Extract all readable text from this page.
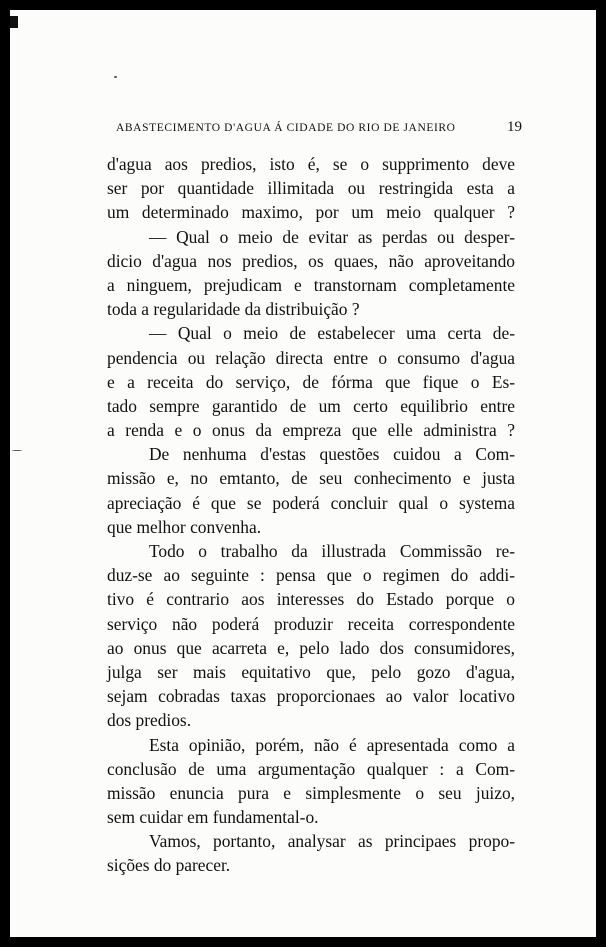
ABASTECIMENTO D'AGUA Á CIDADE DO RIO DE JANEIRO	19
d'agua aos predios, isto é, se o supprimento deve
ser por quantidade illimitada ou restringida esta a
um determinado maximo, por um meio qualquer ?
— Qual o meio de evitar as perdas ou desper-
dicio d'agua nos predios, os quaes, não aproveitando
a ninguem, prejudicam e transtornam completamente
toda a regularidade da distribuição ?
— Qual o meio de estabelecer uma certa de-
pendencia ou relação directa entre o consumo d'agua
e a receita do serviço, de fórma que fique o Es-
tado sempre garantido de um certo equilibrio entre
a renda e o onus da empreza que elle administra ?
De nenhuma d'estas questões cuidou a Com-
missão e, no emtanto, de seu conhecimento e justa
apreciação é que se poderá concluir qual o systema
que melhor convenha.
Todo o trabalho da illustrada Commissão re-
duz-se ao seguinte : pensa que o regimen do addi-
tivo é contrario aos interesses do Estado porque o
serviço não poderá produzir receita correspondente
ao onus que acarreta e, pelo lado dos consumidores,
julga ser mais equitativo que, pelo gozo d'agua,
sejam cobradas taxas proporcionaes ao valor locativo
dos predios.
Esta opinião, porém, não é apresentada como a
conclusão de uma argumentação qualquer : a Com-
missão enuncia pura e simplesmente o seu juizo,
sem cuidar em fundamental-o.
Vamos, portanto, analysar as principaes propo-
sições do parecer.
